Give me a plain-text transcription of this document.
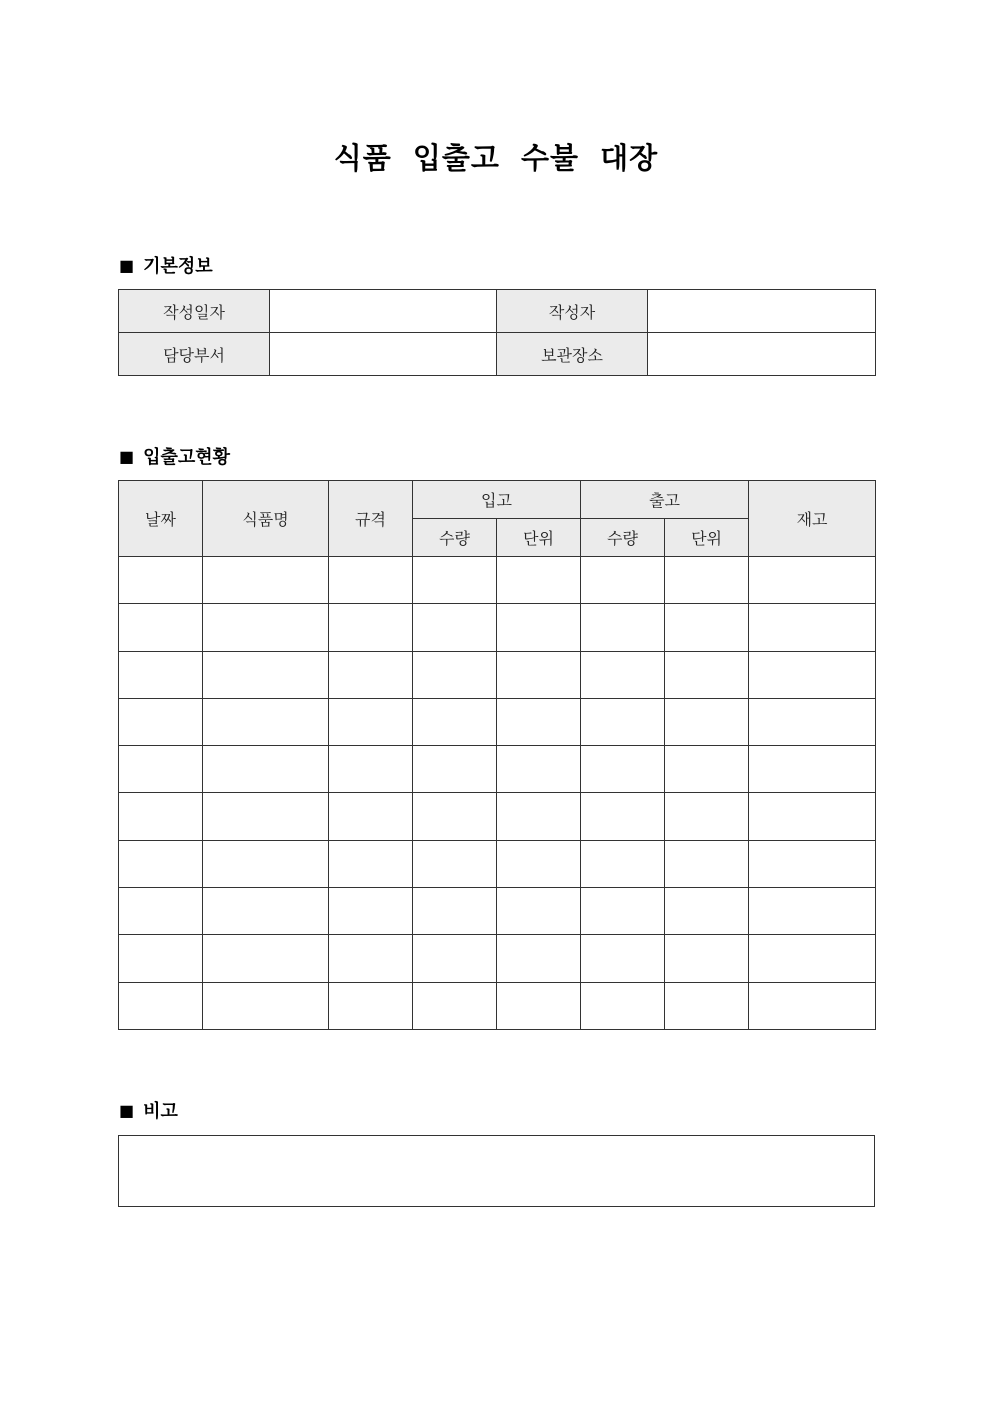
식품 입출고 수불 대장
■ 기본정보
작성일자		작성자	
담당부서		보관장소	
■ 입출고현황
날짜	식품명	규격	입고		출고		재고
			수량	단위	수량	단위	

■ 비고
